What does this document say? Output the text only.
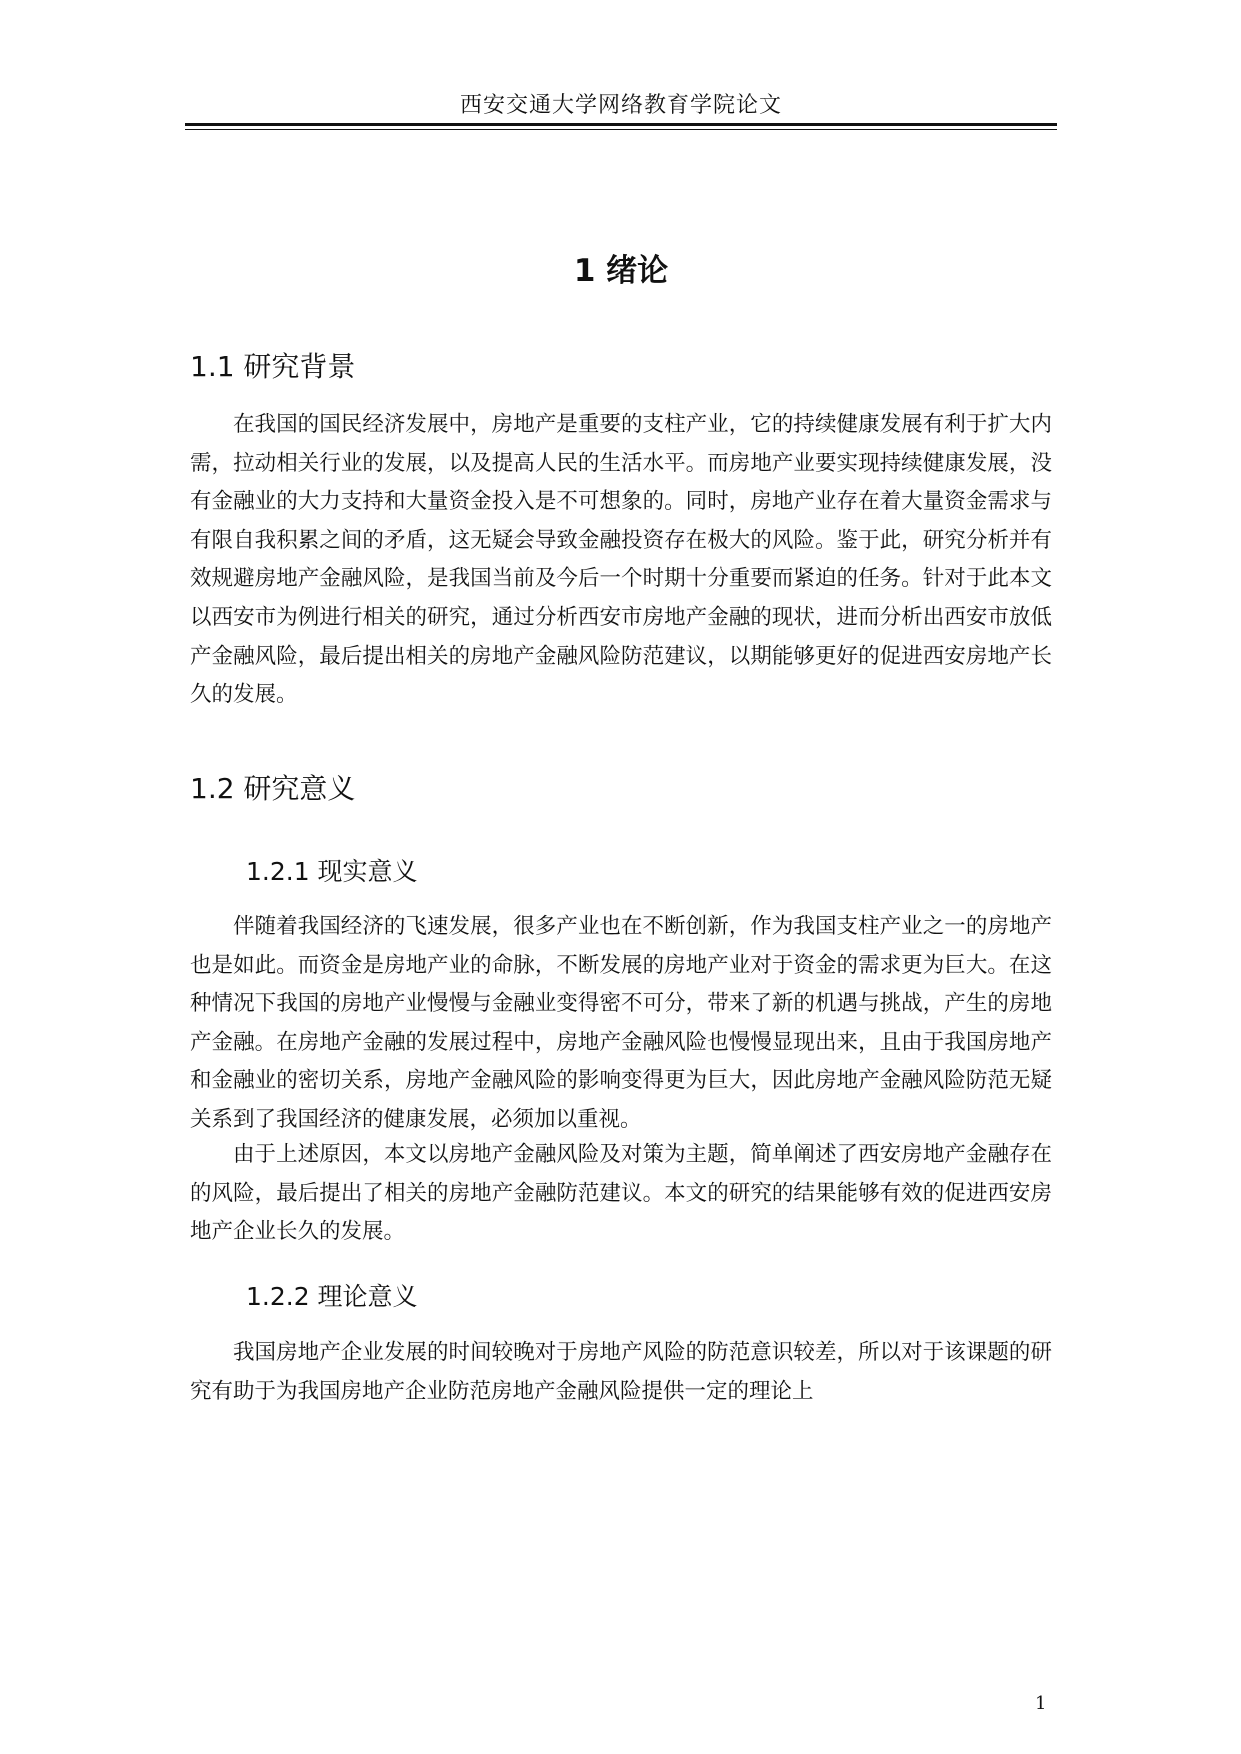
西安交通大学网络教育学院论文
1 绪论
1.1 研究背景

在我国的国民经济发展中，房地产是重要的支柱产业，它的持续健康发展有利于扩大内需，拉动相关行业的发展，以及提高人民的生活水平。而房地产业要实现持续健康发展，没有金融业的大力支持和大量资金投入是不可想象的。同时，房地产业存在着大量资金需求与有限自我积累之间的矛盾，这无疑会导致金融投资存在极大的风险。鉴于此，研究分析并有效规避房地产金融风险，是我国当前及今后一个时期十分重要而紧迫的任务。针对于此本文以西安市为例进行相关的研究，通过分析西安市房地产金融的现状，进而分析出西安市放低产金融风险，最后提出相关的房地产金融风险防范建议，以期能够更好的促进西安房地产长久的发展。

1.2 研究意义
1.2.1 现实意义

伴随着我国经济的飞速发展，很多产业也在不断创新，作为我国支柱产业之一的房地产也是如此。而资金是房地产业的命脉，不断发展的房地产业对于资金的需求更为巨大。在这种情况下我国的房地产业慢慢与金融业变得密不可分，带来了新的机遇与挑战，产生的房地产金融。在房地产金融的发展过程中，房地产金融风险也慢慢显现出来，且由于我国房地产和金融业的密切关系，房地产金融风险的影响变得更为巨大，因此房地产金融风险防范无疑关系到了我国经济的健康发展，必须加以重视。

由于上述原因，本文以房地产金融风险及对策为主题，简单阐述了西安房地产金融存在的风险，最后提出了相关的房地产金融防范建议。本文的研究的结果能够有效的促进西安房地产企业长久的发展。

1.2.2 理论意义

我国房地产企业发展的时间较晚对于房地产风险的防范意识较差，所以对于该课题的研究有助于为我国房地产企业防范房地产金融风险提供一定的理论上

1
